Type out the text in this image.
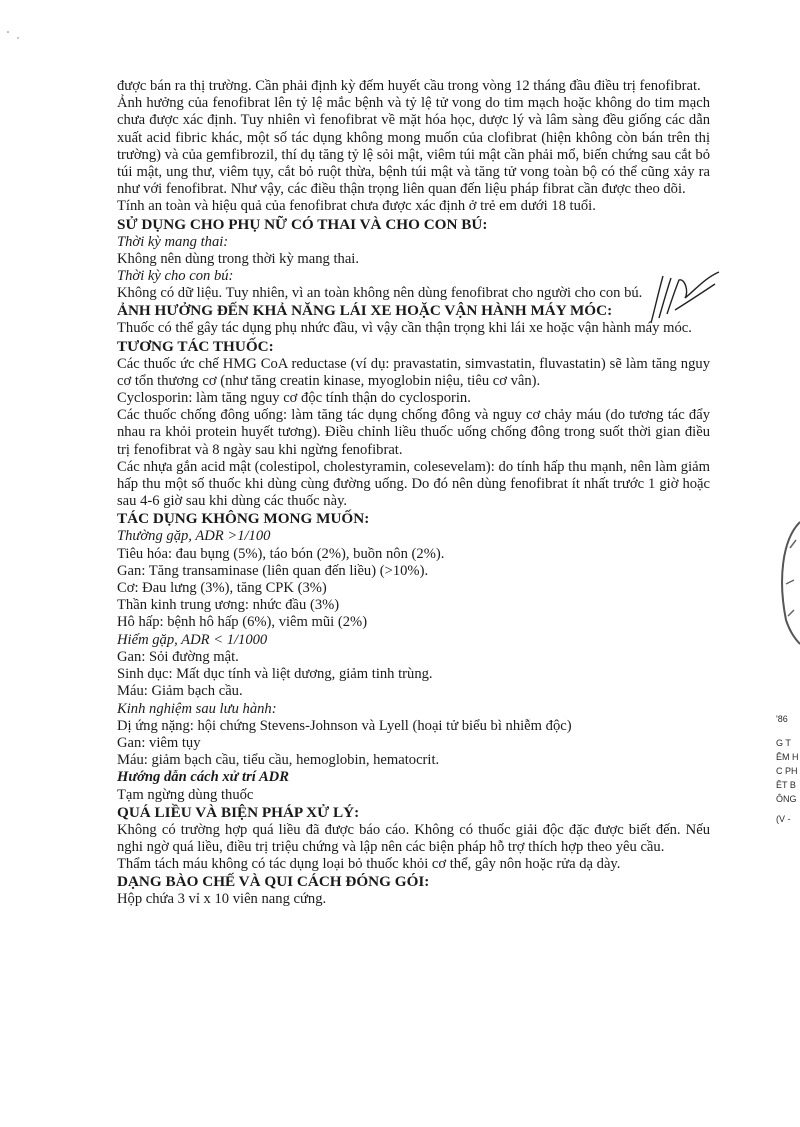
được bán ra thị trường. Cần phải định kỳ đếm huyết cầu trong vòng 12 tháng đầu điều trị fenofibrat.

Ảnh hưởng của fenofibrat lên tỷ lệ mắc bệnh và tỷ lệ tử vong do tim mạch hoặc không do tim mạch chưa được xác định. Tuy nhiên vì fenofibrat về mặt hóa học, dược lý và lâm sàng đều giống các dẫn xuất acid fibric khác, một số tác dụng không mong muốn của clofibrat (hiện không còn bán trên thị trường) và của gemfibrozil, thí dụ tăng tỷ lệ sỏi mật, viêm túi mật cần phải mổ, biến chứng sau cắt bỏ túi mật, ung thư, viêm tụy, cắt bỏ ruột thừa, bệnh túi mật và tăng tử vong toàn bộ có thể cũng xảy ra như với fenofibrat. Như vậy, các điều thận trọng liên quan đến liệu pháp fibrat cần được theo dõi.

Tính an toàn và hiệu quả của fenofibrat chưa được xác định ở trẻ em dưới 18 tuổi.

SỬ DỤNG CHO PHỤ NỮ CÓ THAI VÀ CHO CON BÚ:

Thời kỳ mang thai:

Không nên dùng trong thời kỳ mang thai.

Thời kỳ cho con bú:

Không có dữ liệu. Tuy nhiên, vì an toàn không nên dùng fenofibrat cho người cho con bú.

ẢNH HƯỞNG ĐẾN KHẢ NĂNG LÁI XE HOẶC VẬN HÀNH MÁY MÓC:

Thuốc có thể gây tác dụng phụ nhức đầu, vì vậy cần thận trọng khi lái xe hoặc vận hành máy móc.

TƯƠNG TÁC THUỐC:

Các thuốc ức chế HMG CoA reductase (ví dụ: pravastatin, simvastatin, fluvastatin) sẽ làm tăng nguy cơ tổn thương cơ (như tăng creatin kinase, myoglobin niệu, tiêu cơ vân).

Cyclosporin: làm tăng nguy cơ độc tính thận do cyclosporin.

Các thuốc chống đông uống: làm tăng tác dụng chống đông và nguy cơ chảy máu (do tương tác đẩy nhau ra khỏi protein huyết tương). Điều chỉnh liều thuốc uống chống đông trong suốt thời gian điều trị fenofibrat và 8 ngày sau khi ngừng fenofibrat.

Các nhựa gắn acid mật (colestipol, cholestyramin, colesevelam): do tính hấp thu mạnh, nên làm giảm hấp thu một số thuốc khi dùng cùng đường uống. Do đó nên dùng fenofibrat ít nhất trước 1 giờ hoặc sau 4-6 giờ sau khi dùng các thuốc này.

TÁC DỤNG KHÔNG MONG MUỐN:

Thường gặp, ADR >1/100

Tiêu hóa: đau bụng (5%), táo bón (2%), buồn nôn (2%).

Gan: Tăng transaminase (liên quan đến liều) (>10%).

Cơ: Đau lưng (3%), tăng CPK (3%)

Thần kinh trung ương: nhức đầu (3%)

Hô hấp: bệnh hô hấp (6%), viêm mũi (2%)

Hiếm gặp, ADR < 1/1000

Gan: Sỏi đường mật.

Sinh dục: Mất dục tính và liệt dương, giảm tinh trùng.

Máu: Giảm bạch cầu.

Kinh nghiệm sau lưu hành:

Dị ứng nặng: hội chứng Stevens-Johnson và Lyell (hoại tử biểu bì nhiễm độc)

Gan: viêm tụy

Máu: giảm bạch cầu, tiểu cầu, hemoglobin, hematocrit.

Hướng dẫn cách xử trí ADR

Tạm ngừng dùng thuốc

QUÁ LIỀU VÀ BIỆN PHÁP XỬ LÝ:

Không có trường hợp quá liều đã được báo cáo. Không có thuốc giải độc đặc được biết đến. Nếu nghi ngờ quá liều, điều trị triệu chứng và lập nên các biện pháp hỗ trợ thích hợp theo yêu cầu.

Thẩm tách máu không có tác dụng loại bỏ thuốc khỏi cơ thể, gây nôn hoặc rửa dạ dày.

DẠNG BÀO CHẾ VÀ QUI CÁCH ĐÓNG GÓI:

Hộp chứa 3 vỉ x 10 viên nang cứng.

'86
G T
ÊM H
C PH
ÊT B
ÔNG
(V -
